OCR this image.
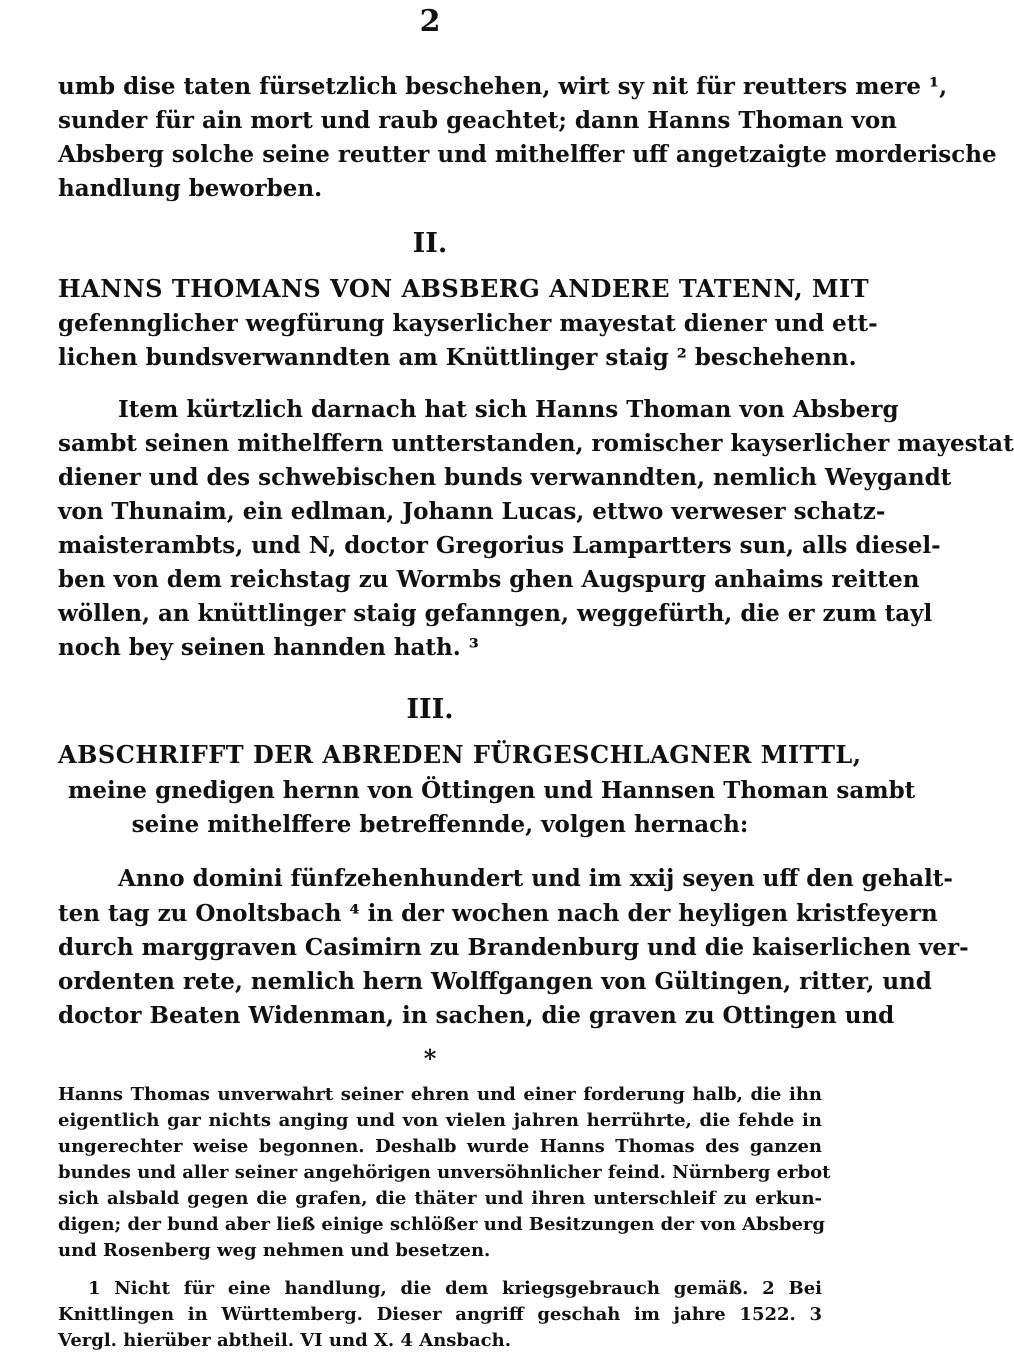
2
umb dise taten fürsetzlich beschehen, wirt sy nit für reutters mere ¹,
sunder für ain mort und raub geachtet; dann Hanns Thoman von
Absberg solche seine reutter und mithelffer uff angetzaigte morderische
handlung beworben.
II.
HANNS THOMANS VON ABSBERG ANDERE TATENN, MIT
gefennglicher wegfürung kayserlicher mayestat diener und ett-
lichen bundsverwanndten am Knüttlinger staig ² beschehenn.
Item kürtzlich darnach hat sich Hanns Thoman von Absberg
sambt seinen mithelffern untterstanden, romischer kayserlicher mayestat
diener und des schwebischen bunds verwanndten, nemlich Weygandt
von Thunaim, ein edlman, Johann Lucas, ettwo verweser schatz-
maisterambts, und N, doctor Gregorius Lampartters sun, alls diesel-
ben von dem reichstag zu Wormbs ghen Augspurg anhaims reitten
wöllen, an knüttlinger staig gefanngen, weggefürth, die er zum tayl
noch bey seinen hannden hath. ³
III.
ABSCHRIFFT DER ABREDEN FÜRGESCHLAGNER MITTL,
meine gnedigen hernn von Öttingen und Hannsen Thoman sambt
seine mithelffere betreffennde, volgen hernach:
Anno domini fünfzehenhundert und im xxij seyen uff den gehalt-
ten tag zu Onoltsbach ⁴ in der wochen nach der heyligen kristfeyern
durch marggraven Casimirn zu Brandenburg und die kaiserlichen ver-
ordenten rete, nemlich hern Wolffgangen von Gültingen, ritter, und
doctor Beaten Widenman, in sachen, die graven zu Ottingen und
*
Hanns Thomas unverwahrt seiner ehren und einer forderung halb, die ihn
eigentlich gar nichts anging und von vielen jahren herrührte, die fehde in
ungerechter weise begonnen. Deshalb wurde Hanns Thomas des ganzen
bundes und aller seiner angehörigen unversöhnlicher feind. Nürnberg erbot
sich alsbald gegen die grafen, die thäter und ihren unterschleif zu erkun-
digen; der bund aber ließ einige schlößer und Besitzungen der von Absberg
und Rosenberg weg nehmen und besetzen.
1 Nicht für eine handlung, die dem kriegsgebrauch gemäß. 2 Bei
Knittlingen in Württemberg. Dieser angriff geschah im jahre 1522. 3
Vergl. hierüber abtheil. VI und X. 4 Ansbach.
